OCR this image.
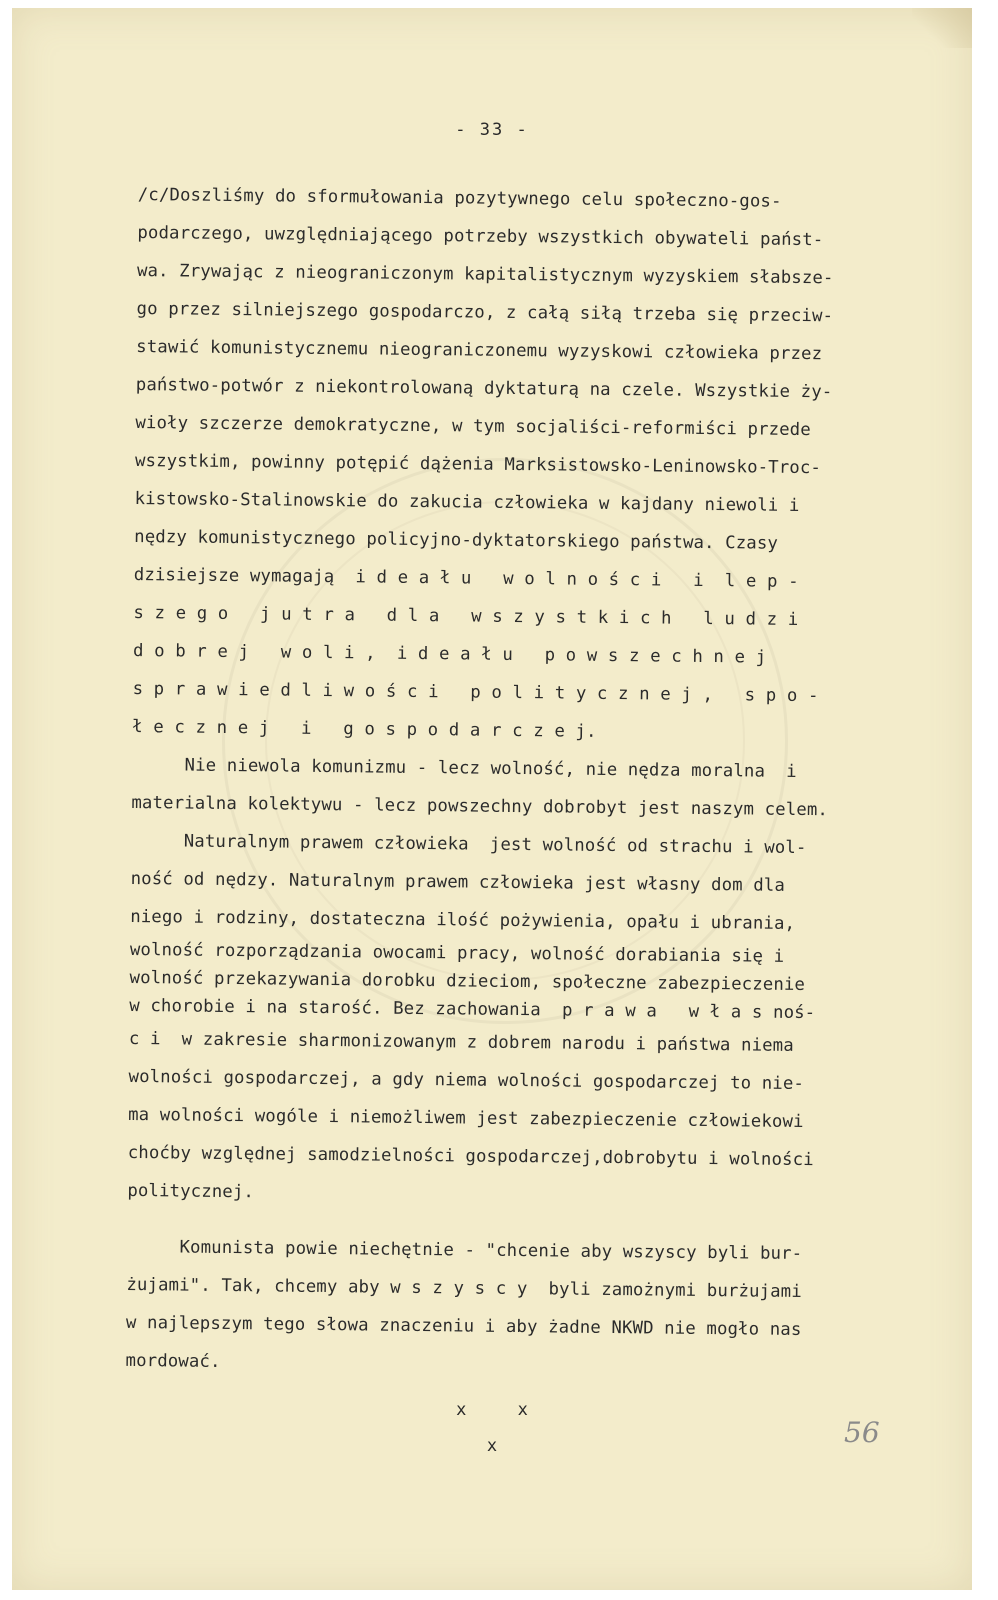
- 33 -
/c/Doszliśmy do sformułowania pozytywnego celu społeczno-gos-
podarczego, uwzględniającego potrzeby wszystkich obywateli państ-
wa. Zrywając z nieograniczonym kapitalistycznym wyzyskiem słabsze-
go przez silniejszego gospodarczo, z całą siłą trzeba się przeciw-
stawić komunistycznemu nieograniczonemu wyzyskowi człowieka przez
państwo-potwór z niekontrolowaną dyktaturą na czele. Wszystkie ży-
wioły szczerze demokratyczne, w tym socjaliści-reformiści przede
wszystkim, powinny potępić dążenia Marksistowsko-Leninowsko-Troc-
kistowsko-Stalinowskie do zakucia człowieka w kajdany niewoli i
nędzy komunistycznego policyjno-dyktatorskiego państwa. Czasy
dzisiejsze wymagają  i d e a ł u   w o l n o ś c i   i  l e p -
s z e g o   j u t r a   d l a   w s z y s t k i c h   l u d z i
d o b r e j   w o l i ,  i d e a ł u   p o w s z e c h n e j
s p r a w i e d l i w o ś c i   p o l i t y c z n e j ,   s p o -
ł e c z n e j   i   g o s p o d a r c z e j.
Nie niewola komunizmu - lecz wolność, nie nędza moralna  i
materialna kolektywu - lecz powszechny dobrobyt jest naszym celem.
Naturalnym prawem człowieka  jest wolność od strachu i wol-
ność od nędzy. Naturalnym prawem człowieka jest własny dom dla
niego i rodziny, dostateczna ilość pożywienia, opału i ubrania,
wolność rozporządzania owocami pracy, wolność dorabiania się i
wolność przekazywania dorobku dzieciom, społeczne zabezpieczenie
w chorobie i na starość. Bez zachowania  p r a w a   w ł a s noś-
c i  w zakresie sharmonizowanym z dobrem narodu i państwa niema
wolności gospodarczej, a gdy niema wolności gospodarczej to nie-
ma wolności wogóle i niemożliwem jest zabezpieczenie człowiekowi
choćby względnej samodzielności gospodarczej,dobrobytu i wolności
politycznej.
Komunista powie niechętnie - "chcenie aby wszyscy byli bur-
żujami". Tak, chcemy aby w s z y s c y  byli zamożnymi burżujami
w najlepszym tego słowa znaczeniu i aby żadne NKWD nie mogło nas
mordować.
x     x
x	56
